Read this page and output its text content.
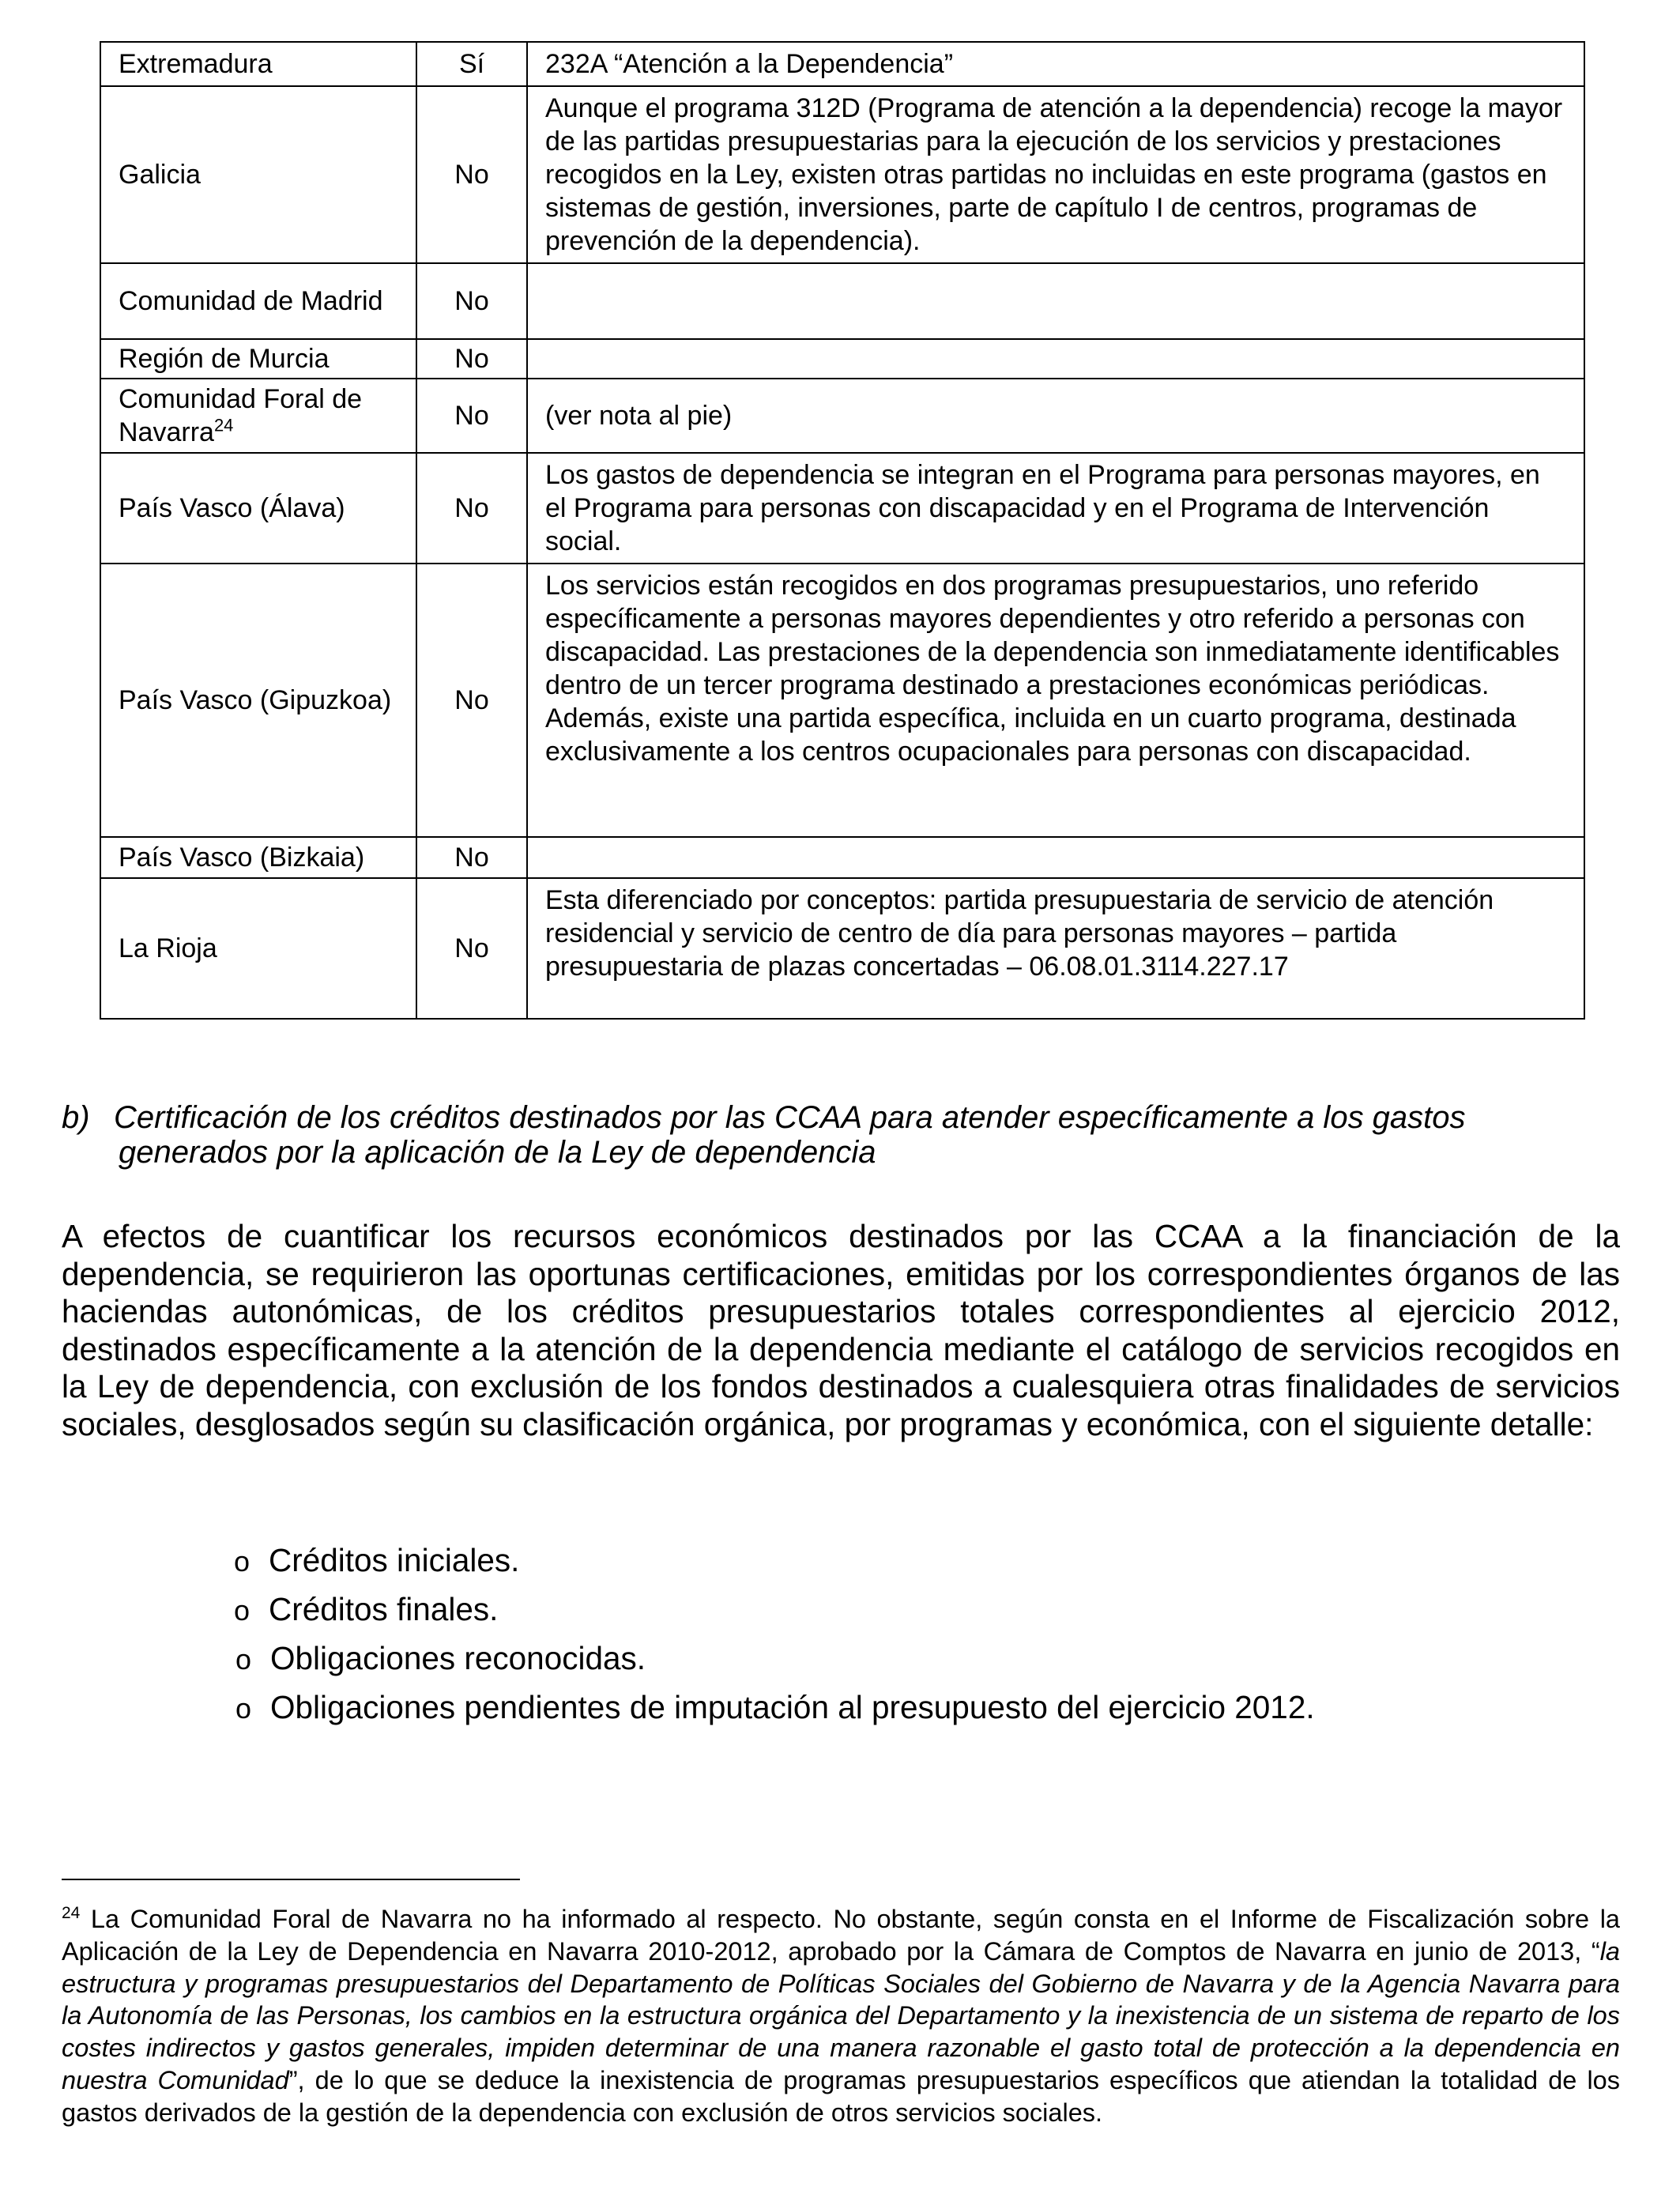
Extremadura	Sí	232A “Atención a la Dependencia”
Galicia	No	Aunque el programa 312D (Programa de atención a la dependencia) recoge la mayor de las partidas presupuestarias para la ejecución de los servicios y prestaciones recogidos en la Ley, existen otras partidas no incluidas en este programa (gastos en sistemas de gestión, inversiones, parte de capítulo I de centros, programas de prevención de la dependencia).
Comunidad de Madrid	No	
Región de Murcia	No	
Comunidad Foral de Navarra$^{24}$	No	(ver nota al pie)
País Vasco (Álava)	No	Los gastos de dependencia se integran en el Programa para personas mayores, en el Programa para personas con discapacidad y en el Programa de Intervención social.
País Vasco (Gipuzkoa)	No	Los servicios están recogidos en dos programas presupuestarios, uno referido específicamente a personas mayores dependientes y otro referido a personas con discapacidad. Las prestaciones de la dependencia son inmediatamente identificables dentro de un tercer programa destinado a prestaciones económicas periódicas. Además, existe una partida específica, incluida en un cuarto programa, destinada exclusivamente a los centros ocupacionales para personas con discapacidad.
País Vasco (Bizkaia)	No	
La Rioja	No	Esta diferenciado por conceptos: partida presupuestaria de servicio de atención residencial y servicio de centro de día para personas mayores – partida presupuestaria de plazas concertadas – 06.08.01.3114.227.17
b) Certificación de los créditos destinados por las CCAA para atender específicamente a los gastos
generados por la aplicación de la Ley de dependencia

A efectos de cuantificar los recursos económicos destinados por las CCAA a la financiación de la dependencia, se requirieron las oportunas certificaciones, emitidas por los correspondientes órganos de las haciendas autonómicas, de los créditos presupuestarios totales correspondientes al ejercicio 2012, destinados específicamente a la atención de la dependencia mediante el catálogo de servicios recogidos en la Ley de dependencia, con exclusión de los fondos destinados a cualesquiera otras finalidades de servicios sociales, desglosados según su clasificación orgánica, por programas y económica, con el siguiente detalle:

o Créditos iniciales.
o Créditos finales.
o Obligaciones reconocidas.
o Obligaciones pendientes de imputación al presupuesto del ejercicio 2012.

$^{24}$ La Comunidad Foral de Navarra no ha informado al respecto. No obstante, según consta en el Informe de Fiscalización sobre la Aplicación de la Ley de Dependencia en Navarra 2010-2012, aprobado por la Cámara de Comptos de Navarra en junio de 2013, “la estructura y programas presupuestarios del Departamento de Políticas Sociales del Gobierno de Navarra y de la Agencia Navarra para la Autonomía de las Personas, los cambios en la estructura orgánica del Departamento y la inexistencia de un sistema de reparto de los costes indirectos y gastos generales, impiden determinar de una manera razonable el gasto total de protección a la dependencia en nuestra Comunidad”, de lo que se deduce la inexistencia de programas presupuestarios específicos que atiendan la totalidad de los gastos derivados de la gestión de la dependencia con exclusión de otros servicios sociales.
